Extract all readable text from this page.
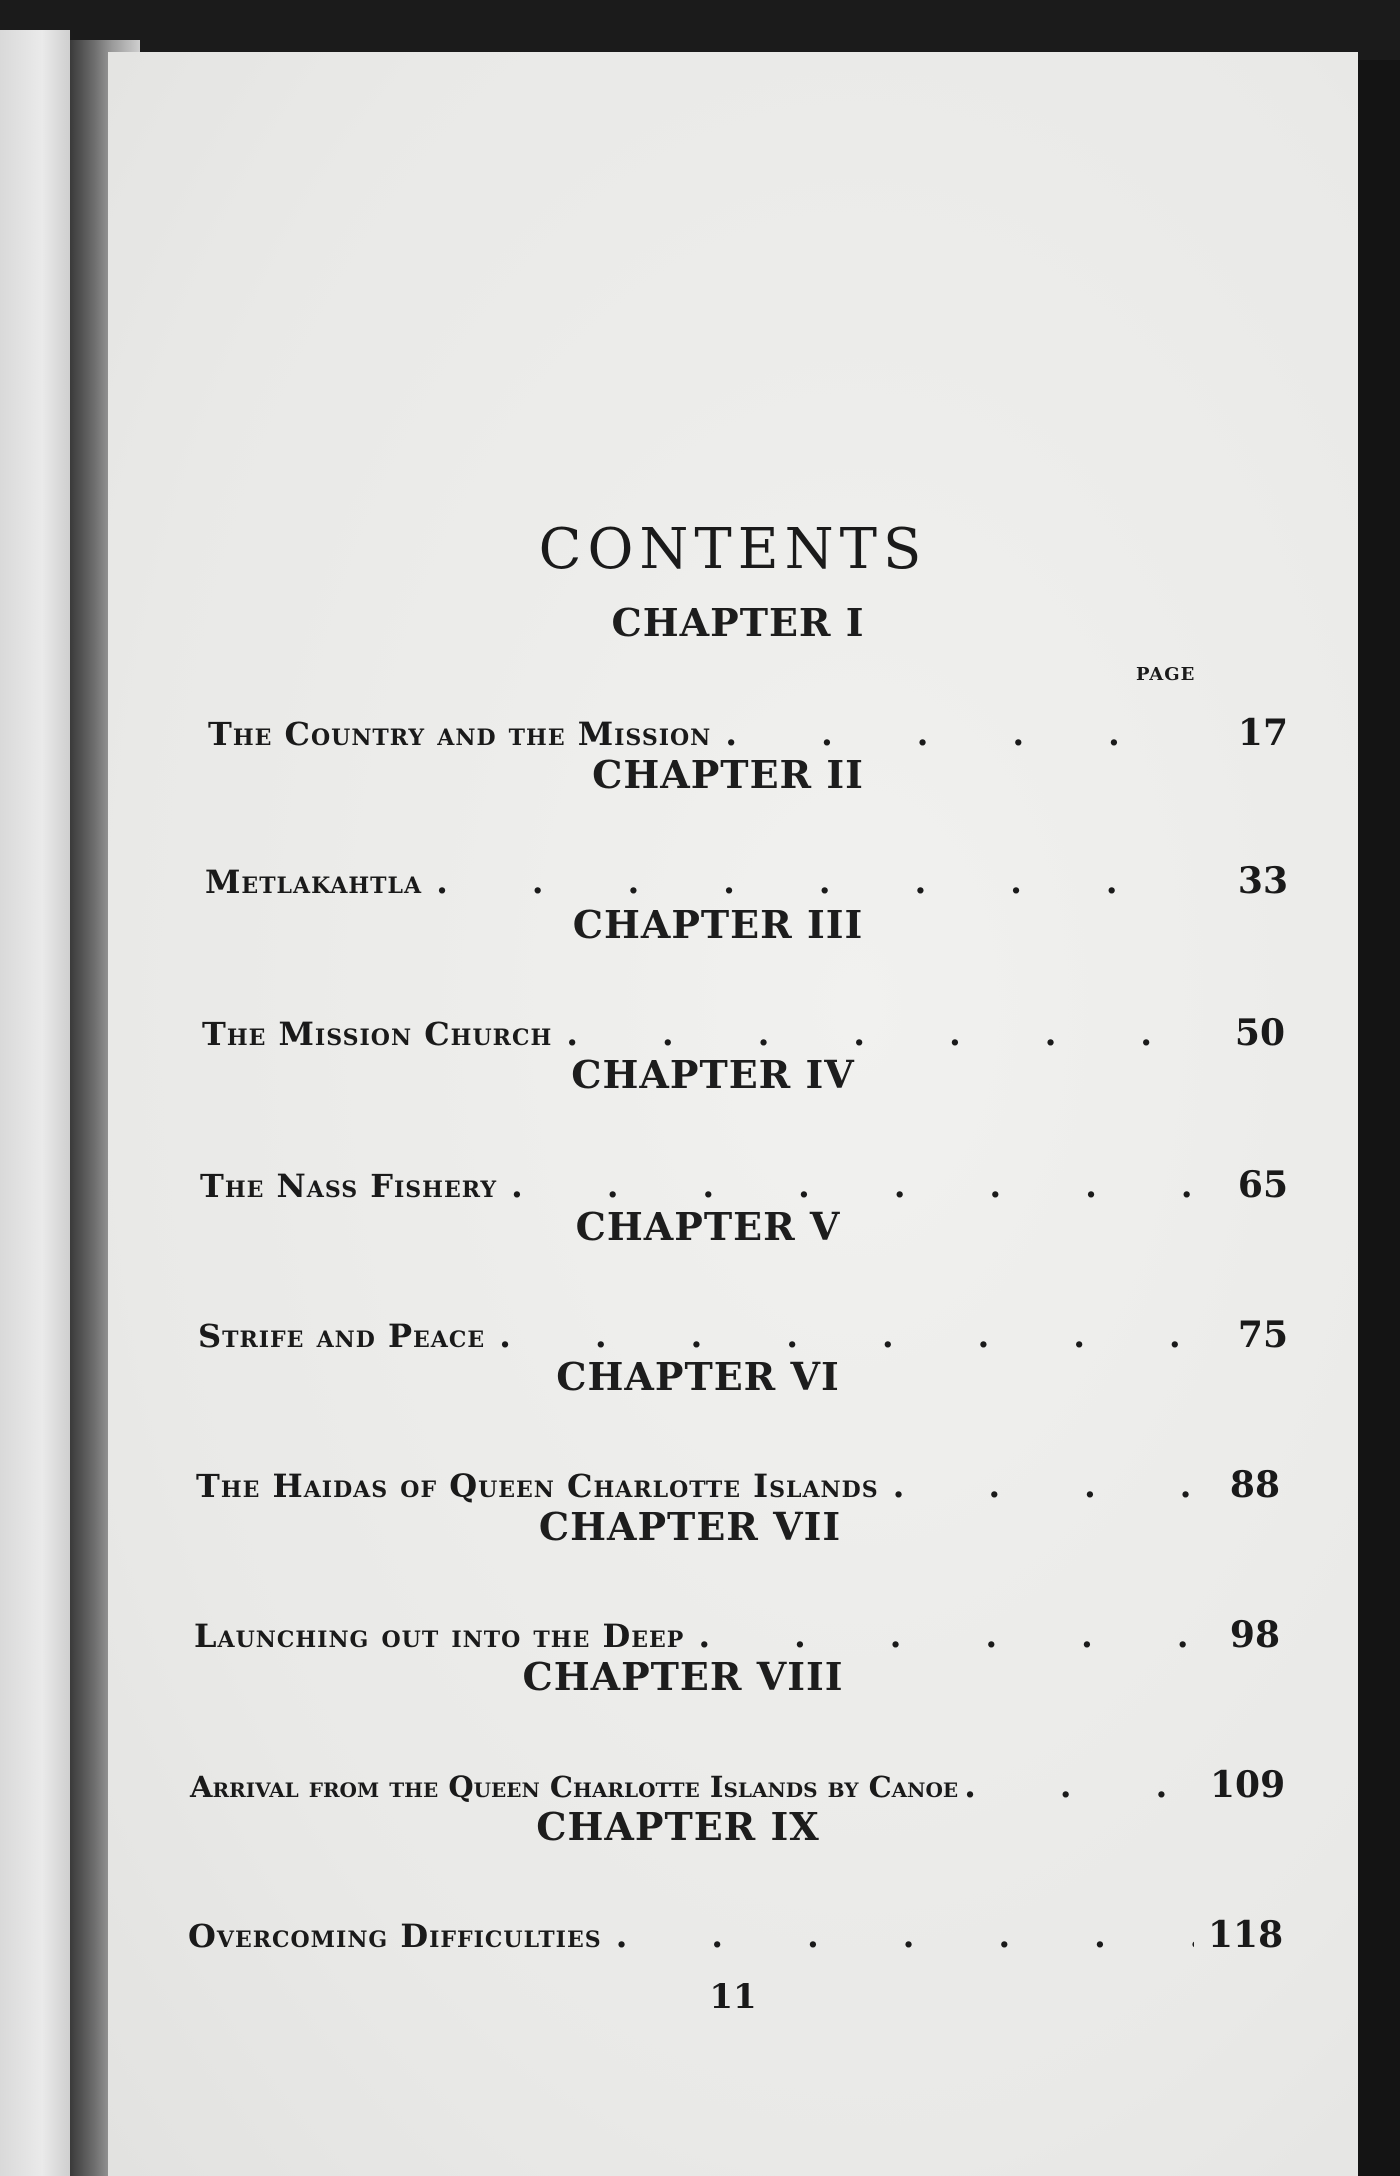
CONTENTS
PAGE
CHAPTER I
The Country and the Mission . . .	17
CHAPTER II
Metlakahtla . . .	33
CHAPTER III
The Mission Church . . .	50
CHAPTER IV
The Nass Fishery . . .	65
CHAPTER V
Strife and Peace . . .	75
CHAPTER VI
The Haidas of Queen Charlotte Islands . . .	88
CHAPTER VII
Launching out into the Deep . . .	98
CHAPTER VIII
Arrival from the Queen Charlotte Islands by Canoe . . .	109
CHAPTER IX
Overcoming Difficulties . . .	118
11
